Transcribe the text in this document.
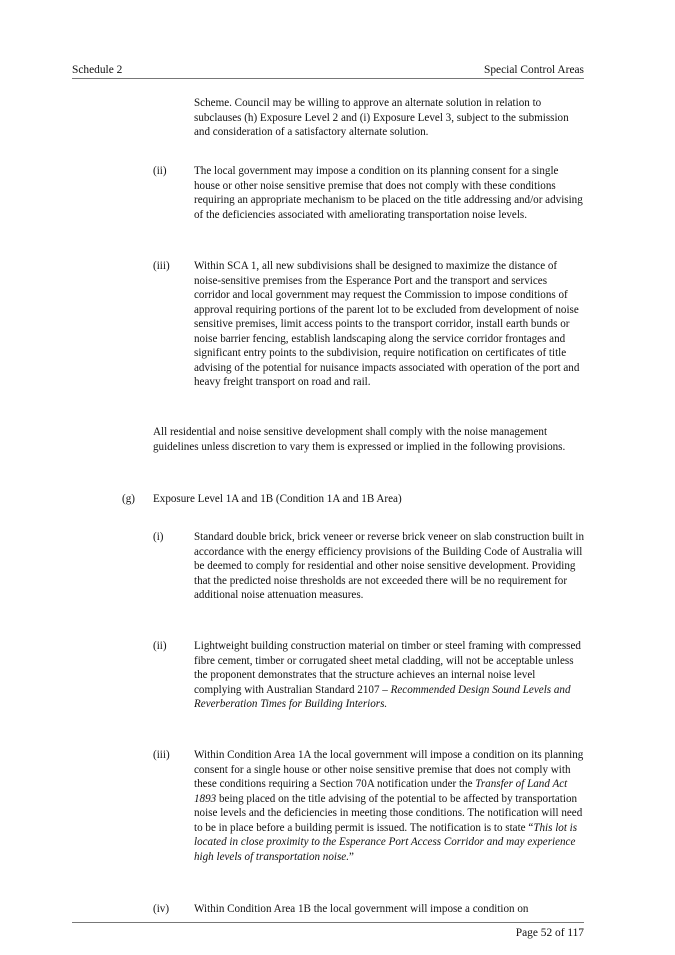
Schedule 2	Special Control Areas

Scheme. Council may be willing to approve an alternate solution in relation to subclauses (h) Exposure Level 2 and (i) Exposure Level 3, subject to the submission and consideration of a satisfactory alternate solution.

(ii) The local government may impose a condition on its planning consent for a single house or other noise sensitive premise that does not comply with these conditions requiring an appropriate mechanism to be placed on the title addressing and/or advising of the deficiencies associated with ameliorating transportation noise levels.

(iii) Within SCA 1, all new subdivisions shall be designed to maximize the distance of noise-sensitive premises from the Esperance Port and the transport and services corridor and local government may request the Commission to impose conditions of approval requiring portions of the parent lot to be excluded from development of noise sensitive premises, limit access points to the transport corridor, install earth bunds or noise barrier fencing, establish landscaping along the service corridor frontages and significant entry points to the subdivision, require notification on certificates of title advising of the potential for nuisance impacts associated with operation of the port and heavy freight transport on road and rail.

All residential and noise sensitive development shall comply with the noise management guidelines unless discretion to vary them is expressed or implied in the following provisions.

(g) Exposure Level 1A and 1B (Condition 1A and 1B Area)

(i)	Standard double brick, brick veneer or reverse brick veneer on slab construction built in accordance with the energy efficiency provisions of the Building Code of Australia will be deemed to comply for residential and other noise sensitive development. Providing that the predicted noise thresholds are not exceeded there will be no requirement for additional noise attenuation measures.

(ii) Lightweight building construction material on timber or steel framing with compressed fibre cement, timber or corrugated sheet metal cladding, will not be acceptable unless the proponent demonstrates that the structure achieves an internal noise level complying with Australian Standard 2107 – Recommended Design Sound Levels and Reverberation Times for Building Interiors.

(iii) Within Condition Area 1A the local government will impose a condition on its planning consent for a single house or other noise sensitive premise that does not comply with these conditions requiring a Section 70A notification under the Transfer of Land Act 1893 being placed on the title advising of the potential to be affected by transportation noise levels and the deficiencies in meeting those conditions. The notification will need to be in place before a building permit is issued. The notification is to state “This lot is located in close proximity to the Esperance Port Access Corridor and may experience high levels of transportation noise.”

(iv) Within Condition Area 1B the local government will impose a condition on

Page 52 of 117
